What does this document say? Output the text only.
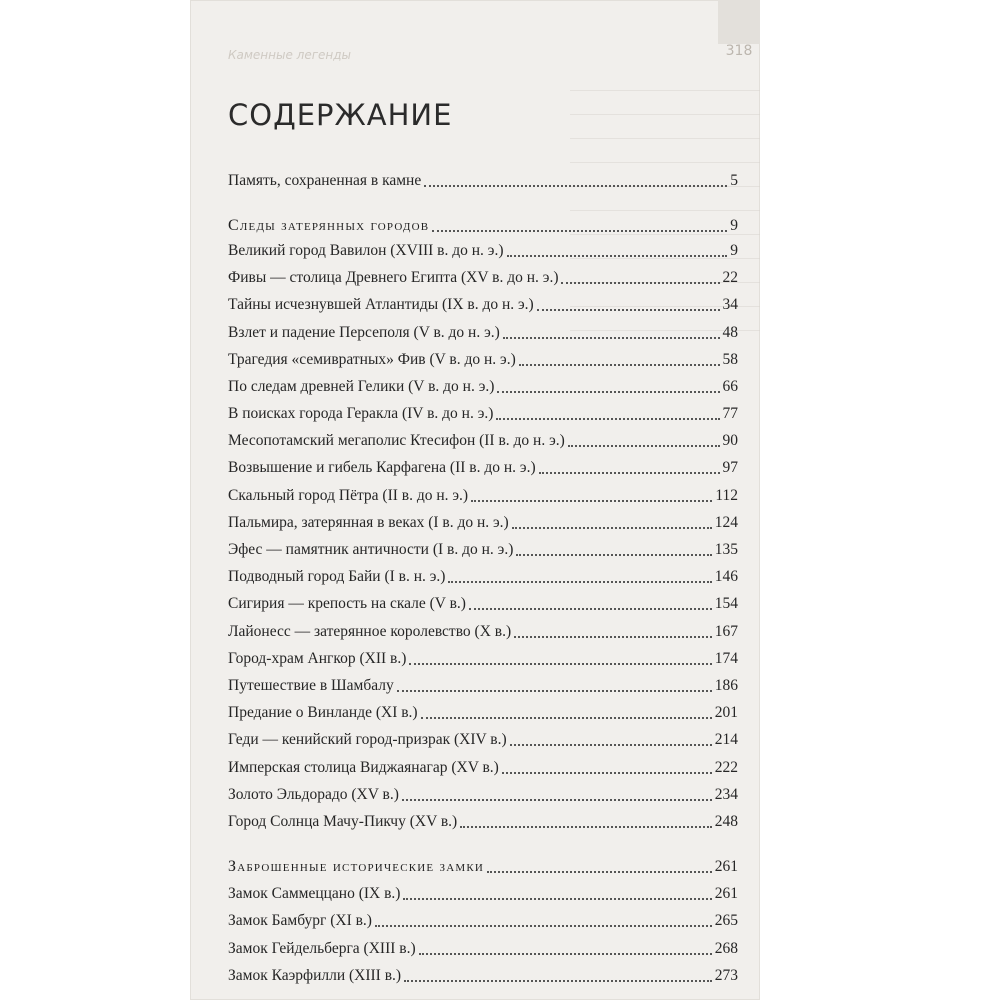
318
Каменные легенды
СОДЕРЖАНИЕ
Память, сохраненная в камне	5
Следы затерянных городов	9
Великий город Вавилон (XVIII в. до н. э.)	9
Фивы — столица Древнего Египта (XV в. до н. э.)	22
Тайны исчезнувшей Атлантиды (IX в. до н. э.)	34
Взлет и падение Персеполя (V в. до н. э.)	48
Трагедия «семивратных» Фив (V в. до н. э.)	58
По следам древней Гелики (V в. до н. э.)	66
В поисках города Геракла (IV в. до н. э.)	77
Месопотамский мегаполис Ктесифон (II в. до н. э.)	90
Возвышение и гибель Карфагена (II в. до н. э.)	97
Скальный город Пётра (II в. до н. э.)	112
Пальмира, затерянная в веках (I в. до н. э.)	124
Эфес — памятник античности (I в. до н. э.)	135
Подводный город Байи (I в. н. э.)	146
Сигирия — крепость на скале (V в.)	154
Лайонесс — затерянное королевство (X в.)	167
Город-храм Ангкор (XII в.)	174
Путешествие в Шамбалу	186
Предание о Винланде (XI в.)	201
Геди — кенийский город-призрак (XIV в.)	214
Имперская столица Виджаянагар (XV в.)	222
Золото Эльдорадо (XV в.)	234
Город Солнца Мачу-Пикчу (XV в.)	248
Заброшенные исторические замки	261
Замок Саммеццано (IX в.)	261
Замок Бамбург (XI в.)	265
Замок Гейдельберга (XIII в.)	268
Замок Каэрфилли (XIII в.)	273
